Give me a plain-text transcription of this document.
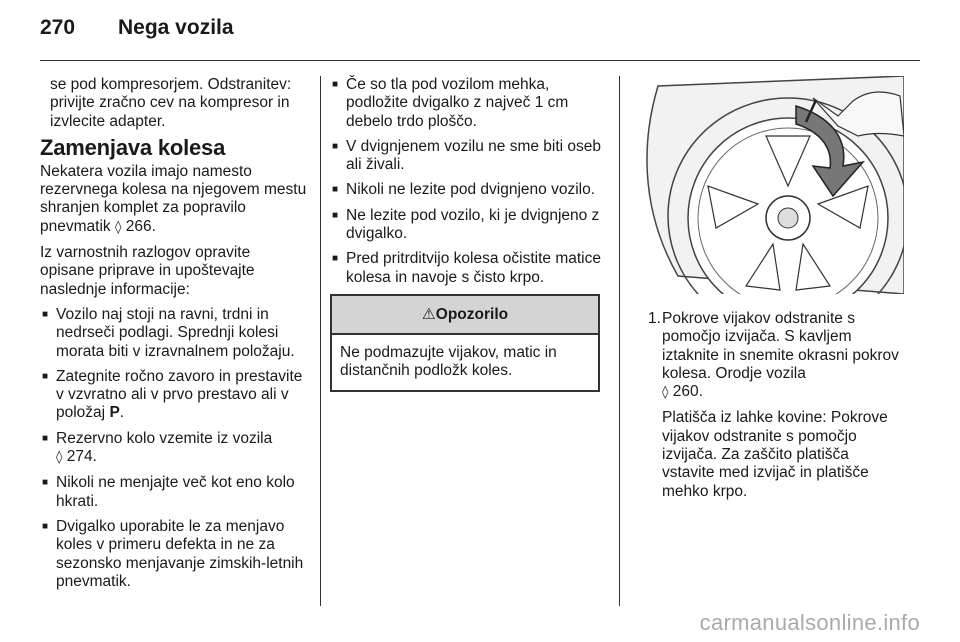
270 Nega vozila
se pod kompresorjem. Odstranitev:
privijte zračno cev na kompresor in
izvlecite adapter.
Zamenjava kolesa

Nekatera vozila imajo namesto rezervnega kolesa na njegovem mestu shranjen komplet za popravilo pnevmatik ◊ 266.

Iz varnostnih razlogov opravite opisane priprave in upoštevajte naslednje informacije:

■ Vozilo naj stoji na ravni, trdni in nedrseči podlagi. Sprednji kolesi morata biti v izravnalnem položaju.
■ Zategnite ročno zavoro in prestavite v vzvratno ali v prvo prestavo ali v položaj P.
■ Rezervno kolo vzemite iz vozila
◊ 274.
■ Nikoli ne menjajte več kot eno kolo hkrati.
■ Dvigalko uporabite le za menjavo koles v primeru defekta in ne za sezonsko menjavanje zimskih-letnih pnevmatik.
■ Če so tla pod vozilom mehka, podložite dvigalko z največ 1 cm debelo trdo ploščo.
■ V dvignjenem vozilu ne sme biti oseb ali živali.
■ Nikoli ne lezite pod dvignjeno vozilo.
■ Ne lezite pod vozilo, ki je dvignjeno z dvigalko.
■ Pred pritrditvijo kolesa očistite matice kolesa in navoje s čisto krpo.
⚠Opozorilo
Ne podmazujte vijakov, matic in distančnih podložk koles.
1. Pokrove vijakov odstranite s pomočjo izvijača. S kavljem iztaknite in snemite okrasni pokrov kolesa. Orodje vozila
◊ 260.

Platišča iz lahke kovine: Pokrove vijakov odstranite s pomočjo izvijača. Za zaščito platišča vstavite med izvijač in platišče mehko krpo.

carmanualsonline.info
